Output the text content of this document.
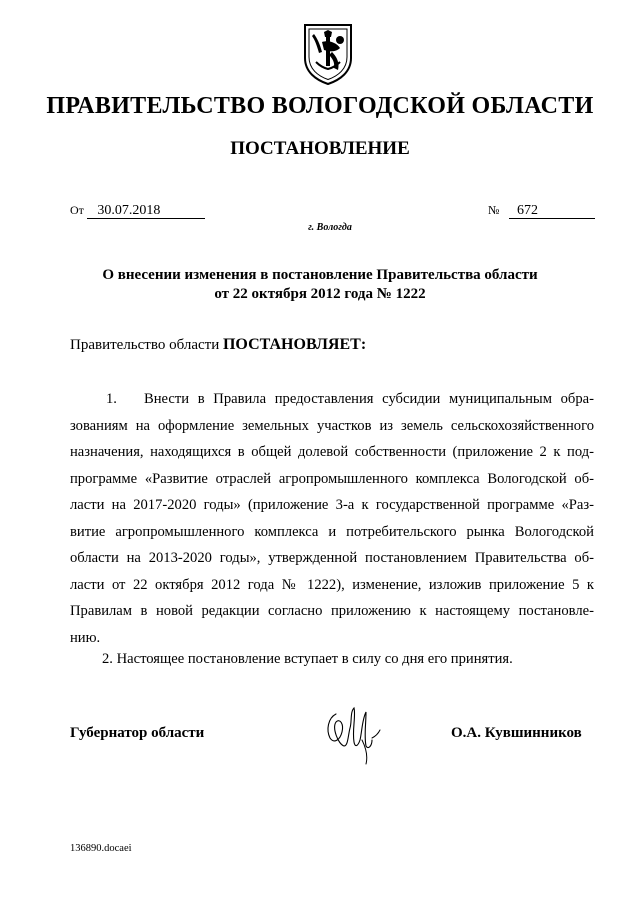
ПРАВИТЕЛЬСТВО ВОЛОГОДСКОЙ ОБЛАСТИ
ПОСТАНОВЛЕНИЕ
От 30.07.2018	№ 672
г. Вологда
О внесении изменения в постановление Правительства области
от 22 октября 2012 года № 1222
Правительство области ПОСТАНОВЛЯЕТ:
1. Внести в Правила предоставления субсидии муниципальным обра-
зованиям на оформление земельных участков из земель сельскохозяйственного
назначения, находящихся в общей долевой собственности (приложение 2 к под-
программе «Развитие отраслей агропромышленного комплекса Вологодской об-
ласти на 2017-2020 годы» (приложение 3-а к государственной программе «Раз-
витие агропромышленного комплекса и потребительского рынка Вологодской
области на 2013-2020 годы», утвержденной постановлением Правительства об-
ласти от 22 октября 2012 года № 1222), изменение, изложив приложение 5 к
Правилам в новой редакции согласно приложению к настоящему постановле-
нию.
2. Настоящее постановление вступает в силу со дня его принятия.
Губернатор области	О.А. Кувшинников
136890.docaei
